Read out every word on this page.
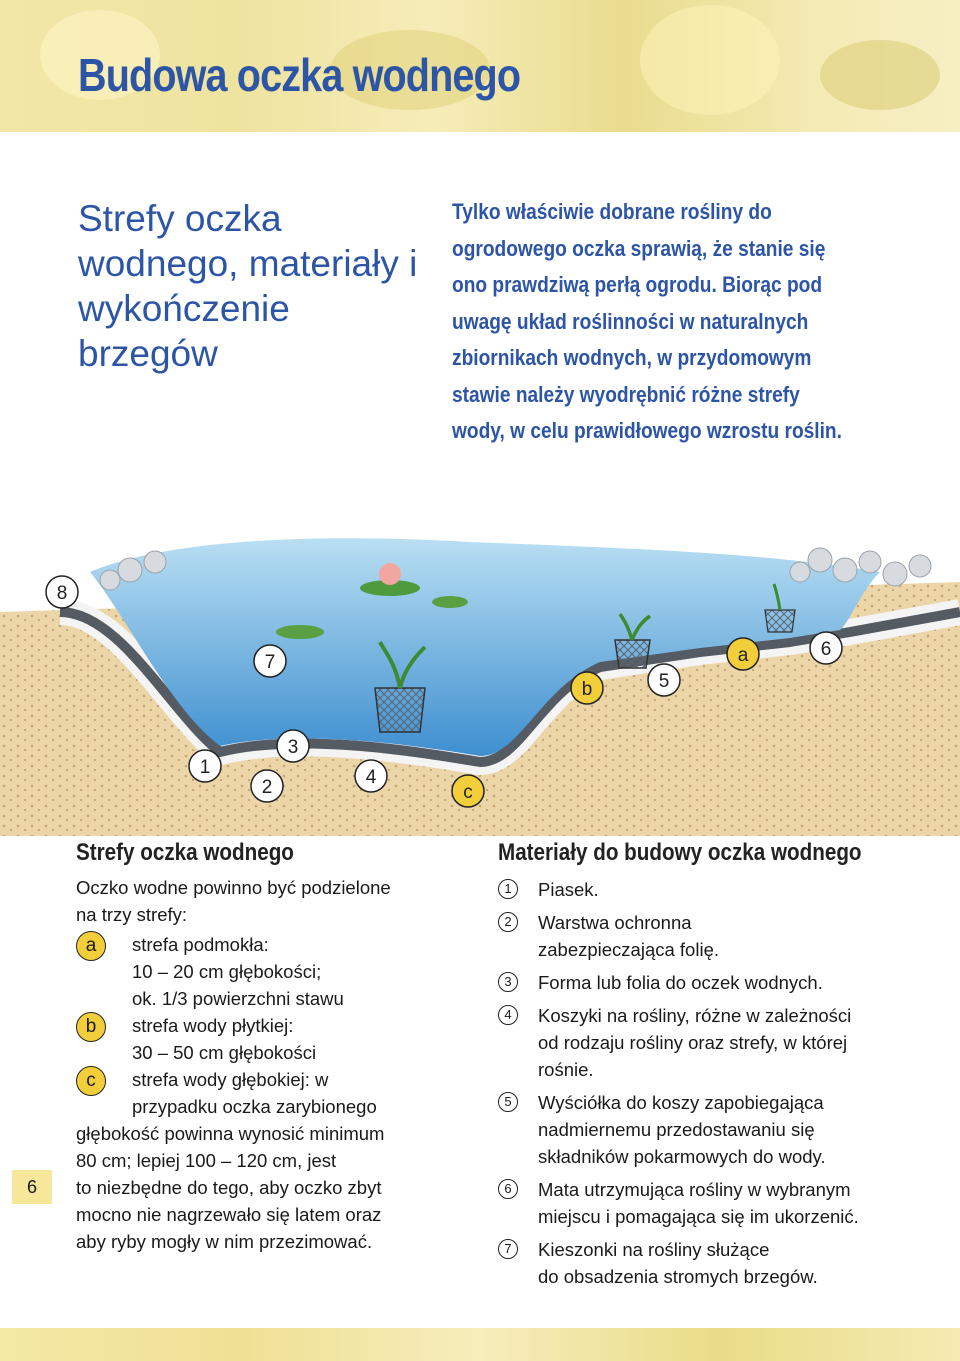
Budowa oczka wodnego
Strefy oczka wodnego, materiały i wykończenie brzegów

Tylko właściwie dobrane rośliny do
ogrodowego oczka sprawią, że stanie się
ono prawdziwą perłą ogrodu. Biorąc pod
uwagę układ roślinności w naturalnych
zbiornikach wodnych, w przydomowym
stawie należy wyodrębnić różne strefy
wody, w celu prawidłowego wzrostu roślin.

8
7
b	5
a	6
1
3
2	4
c
Strefy oczka wodnego

Oczko wodne powinno być podzielone
na trzy strefy:

a	strefa podmokła:
10 – 20 cm głębokości;
ok. 1/3 powierzchni stawu
b	strefa wody płytkiej:
30 – 50 cm głębokości
c	strefa wody głębokiej: w
przypadku oczka zarybionego

głębokość powinna wynosić minimum
80 cm; lepiej 100 – 120 cm, jest
to niezbędne do tego, aby oczko zbyt
mocno nie nagrzewało się latem oraz
aby ryby mogły w nim przezimować.

Materiały do budowy oczka wodnego
1	Piasek.
2	Warstwa ochronna
zabezpieczająca folię.
3	Forma lub folia do oczek wodnych.
4	Koszyki na rośliny, różne w zależności
od rodzaju rośliny oraz strefy, w której
rośnie.
5	Wyściółka do koszy zapobiegająca
nadmiernemu przedostawaniu się
składników pokarmowych do wody.
6	Mata utrzymująca rośliny w wybranym
miejscu i pomagająca się im ukorzenić.
7	Kieszonki na rośliny służące
do obsadzenia stromych brzegów.
6
